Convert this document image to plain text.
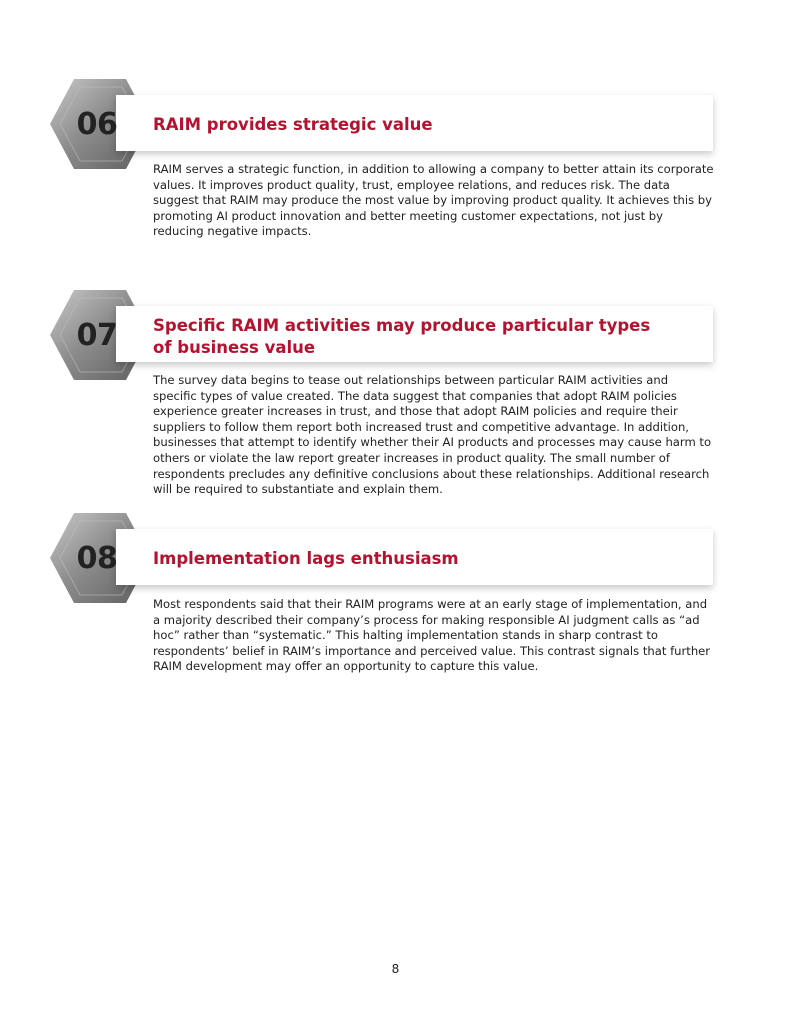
06	RAIM provides strategic value

RAIM serves a strategic function, in addition to allowing a company to better attain its corporate values. It improves product quality, trust, employee relations, and reduces risk. The data suggest that RAIM may produce the most value by improving product quality. It achieves this by promoting AI product innovation and better meeting customer expectations, not just by reducing negative impacts.

07	Specific RAIM activities may produce particular types of business value

The survey data begins to tease out relationships between particular RAIM activities and specific types of value created. The data suggest that companies that adopt RAIM policies experience greater increases in trust, and those that adopt RAIM policies and require their suppliers to follow them report both increased trust and competitive advantage. In addition, businesses that attempt to identify whether their AI products and processes may cause harm to others or violate the law report greater increases in product quality. The small number of respondents precludes any definitive conclusions about these relationships. Additional research will be required to substantiate and explain them.

08	Implementation lags enthusiasm

Most respondents said that their RAIM programs were at an early stage of implementation, and a majority described their company’s process for making responsible AI judgment calls as “ad hoc” rather than “systematic.” This halting implementation stands in sharp contrast to respondents’ belief in RAIM’s importance and perceived value. This contrast signals that further RAIM development may offer an opportunity to capture this value.

8
